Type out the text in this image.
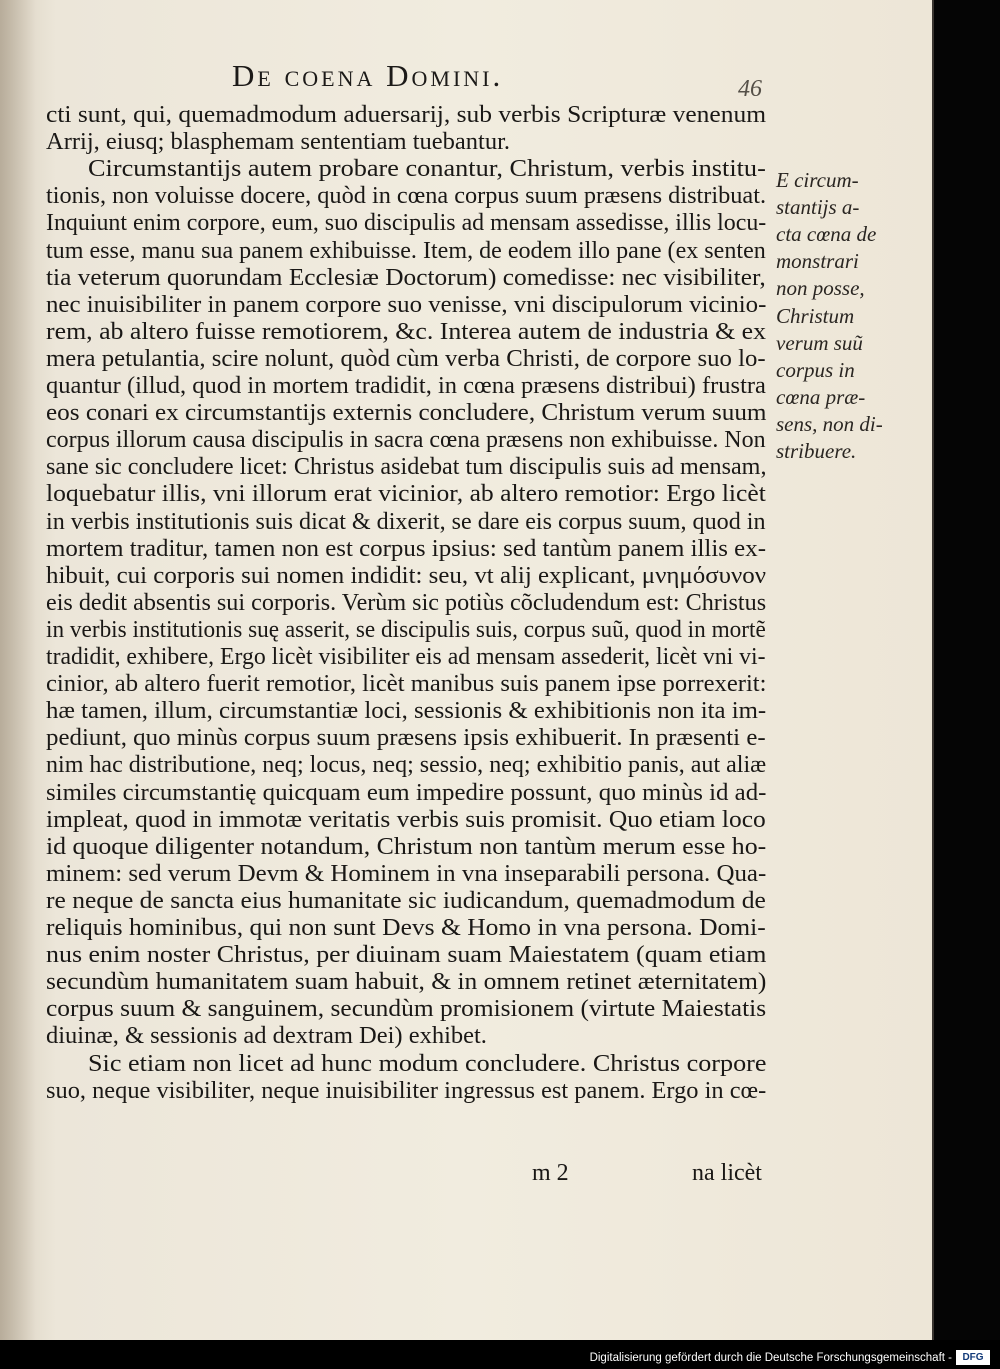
De coena Domini.	46
cti sunt, qui, quemadmodum aduersarij, sub verbis Scripturæ venenum
Arrij, eiusq; blasphemam sententiam tuebantur.
Circumstantijs autem probare conantur, Christum, verbis institu-
tionis, non voluisse docere, quòd in cœna corpus suum præsens distribuat.
Inquiunt enim corpore, eum, suo discipulis ad mensam assedisse, illis locu-
tum esse, manu sua panem exhibuisse. Item, de eodem illo pane (ex senten
tia veterum quorundam Ecclesiæ Doctorum) comedisse: nec visibiliter,
nec inuisibiliter in panem corpore suo venisse, vni discipulorum vicinio-
rem, ab altero fuisse remotiorem, &c. Interea autem de industria & ex
mera petulantia, scire nolunt, quòd cùm verba Christi, de corpore suo lo-
quantur (illud, quod in mortem tradidit, in cœna præsens distribui) frustra
eos conari ex circumstantijs externis concludere, Christum verum suum
corpus illorum causa discipulis in sacra cœna præsens non exhibuisse. Non
sane sic concludere licet: Christus asidebat tum discipulis suis ad mensam,
loquebatur illis, vni illorum erat vicinior, ab altero remotior: Ergo licèt
in verbis institutionis suis dicat & dixerit, se dare eis corpus suum, quod in
mortem traditur, tamen non est corpus ipsius: sed tantùm panem illis ex-
hibuit, cui corporis sui nomen indidit: seu, vt alij explicant, μνημόσυνον
eis dedit absentis sui corporis. Verùm sic potiùs cõcludendum est: Christus
in verbis institutionis suę asserit, se discipulis suis, corpus suũ, quod in mortẽ
tradidit, exhibere, Ergo licèt visibiliter eis ad mensam assederit, licèt vni vi-
cinior, ab altero fuerit remotior, licèt manibus suis panem ipse porrexerit:
hæ tamen, illum, circumstantiæ loci, sessionis & exhibitionis non ita im-
pediunt, quo minùs corpus suum præsens ipsis exhibuerit. In præsenti e-
nim hac distributione, neq; locus, neq; sessio, neq; exhibitio panis, aut aliæ
similes circumstantię quicquam eum impedire possunt, quo minùs id ad-
impleat, quod in immotæ veritatis verbis suis promisit. Quo etiam loco
id quoque diligenter notandum, Christum non tantùm merum esse ho-
minem: sed verum Devm & Hominem in vna inseparabili persona. Qua-
re neque de sancta eius humanitate sic iudicandum, quemadmodum de
reliquis hominibus, qui non sunt Devs & Homo in vna persona. Domi-
nus enim noster Christus, per diuinam suam Maiestatem (quam etiam
secundùm humanitatem suam habuit, & in omnem retinet æternitatem)
corpus suum & sanguinem, secundùm promisionem (virtute Maiestatis
diuinæ, & sessionis ad dextram Dei) exhibet.
Sic etiam non licet ad hunc modum concludere. Christus corpore
suo, neque visibiliter, neque inuisibiliter ingressus est panem. Ergo in cœ-
E circum-
stantijs a-
cta cœna de
monstrari
non posse,
Christum
verum suũ
corpus in
cœna præ-
sens, non di-
stribuere.
m 2	na licèt
Digitalisierung gefördert durch die Deutsche Forschungsgemeinschaft -	DFG
